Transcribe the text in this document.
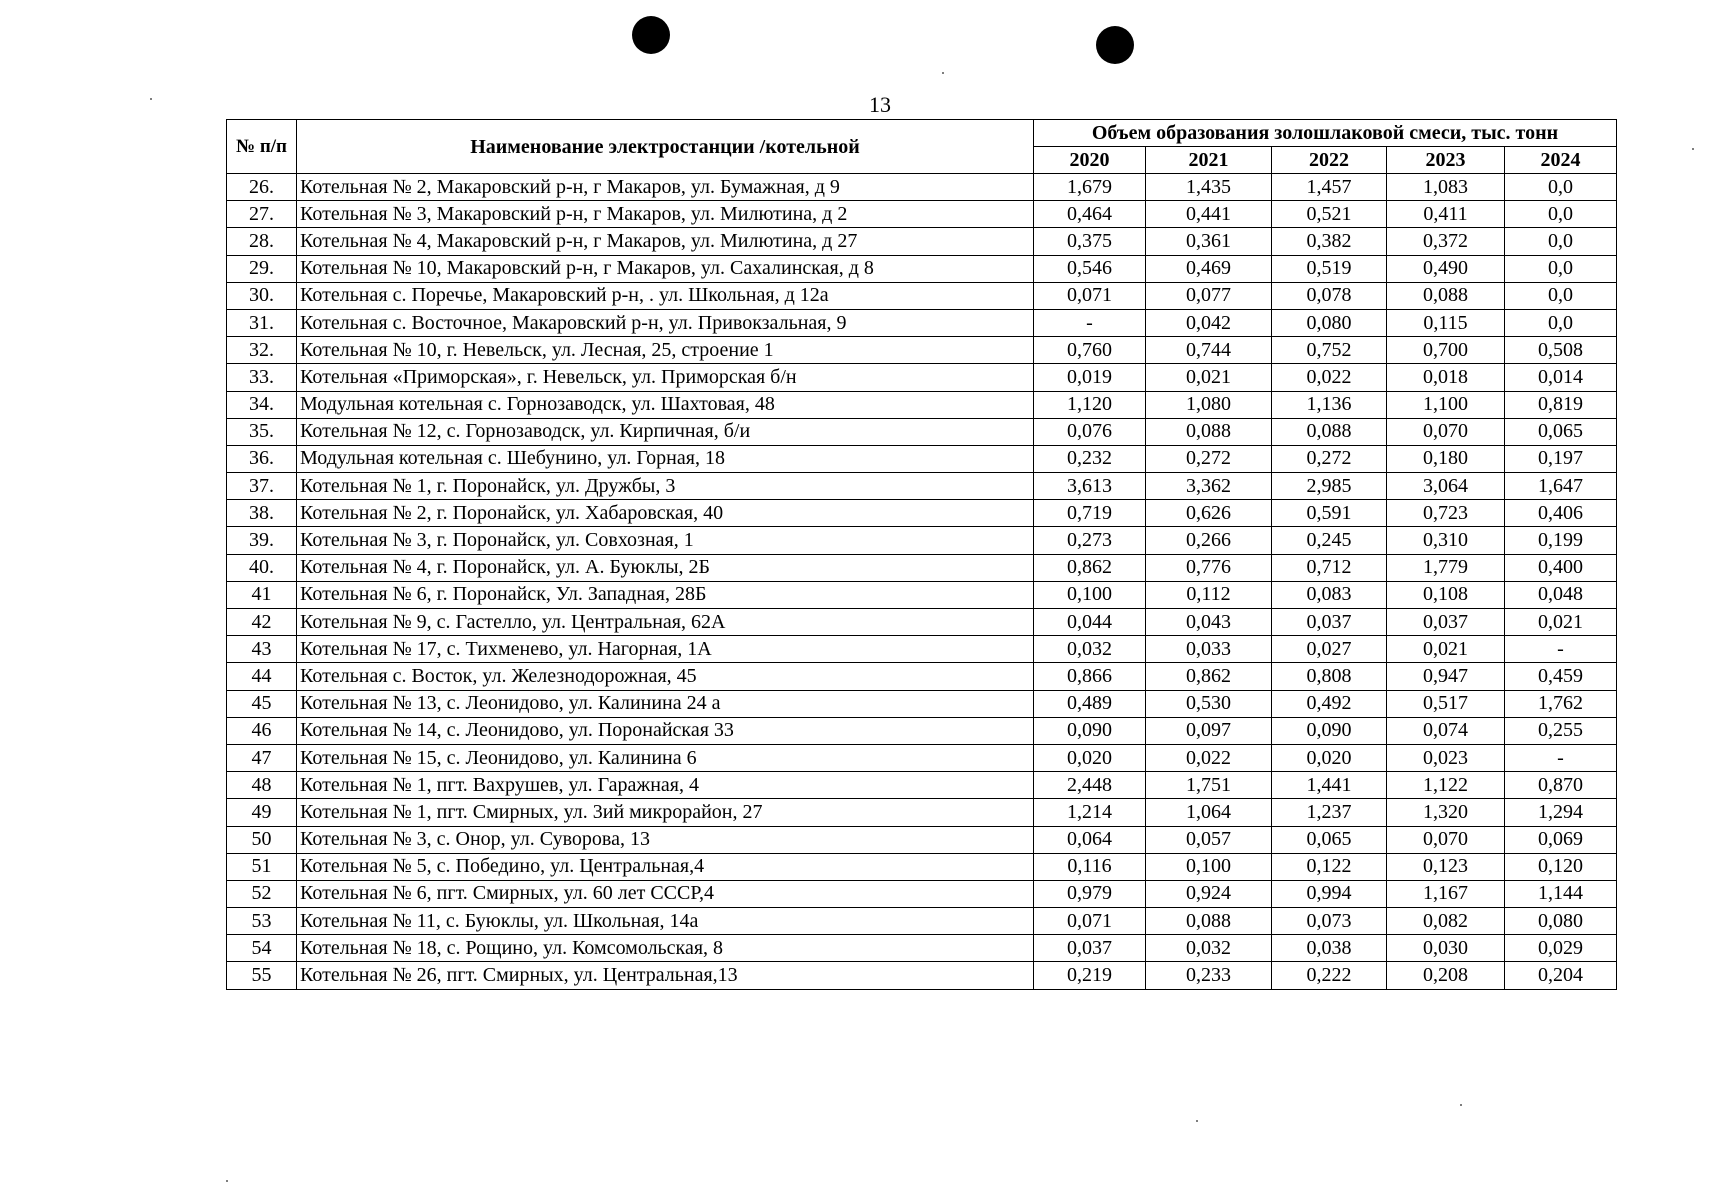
13
№ п/п	Наименование электростанции /котельной	Объем образования золошлаковой смеси, тыс. тонн				
		2020	2021	2022	2023	2024
26.	Котельная № 2, Макаровский р-н, г Макаров, ул. Бумажная, д 9	1,679	1,435	1,457	1,083	0,0
27.	Котельная № 3, Макаровский р-н, г Макаров, ул. Милютина, д 2	0,464	0,441	0,521	0,411	0,0
28.	Котельная № 4, Макаровский р-н, г Макаров, ул. Милютина, д 27	0,375	0,361	0,382	0,372	0,0
29.	Котельная № 10, Макаровский р-н, г Макаров, ул. Сахалинская, д 8	0,546	0,469	0,519	0,490	0,0
30.	Котельная с. Поречье, Макаровский р-н, . ул. Школьная, д 12а	0,071	0,077	0,078	0,088	0,0
31.	Котельная с. Восточное, Макаровский р-н, ул. Привокзальная, 9	-	0,042	0,080	0,115	0,0
32.	Котельная № 10, г. Невельск, ул. Лесная, 25, строение 1	0,760	0,744	0,752	0,700	0,508
33.	Котельная «Приморская», г. Невельск, ул. Приморская б/н	0,019	0,021	0,022	0,018	0,014
34.	Модульная котельная с. Горнозаводск, ул. Шахтовая, 48	1,120	1,080	1,136	1,100	0,819
35.	Котельная № 12, с. Горнозаводск, ул. Кирпичная, б/и	0,076	0,088	0,088	0,070	0,065
36.	Модульная котельная с. Шебунино, ул. Горная, 18	0,232	0,272	0,272	0,180	0,197
37.	Котельная № 1, г. Поронайск, ул. Дружбы, 3	3,613	3,362	2,985	3,064	1,647
38.	Котельная № 2, г. Поронайск, ул. Хабаровская, 40	0,719	0,626	0,591	0,723	0,406
39.	Котельная № 3, г. Поронайск, ул. Совхозная, 1	0,273	0,266	0,245	0,310	0,199
40.	Котельная № 4, г. Поронайск, ул. А. Буюклы, 2Б	0,862	0,776	0,712	1,779	0,400
41	Котельная № 6, г. Поронайск, Ул. Западная, 28Б	0,100	0,112	0,083	0,108	0,048
42	Котельная № 9, с. Гастелло, ул. Центральная, 62А	0,044	0,043	0,037	0,037	0,021
43	Котельная № 17, с. Тихменево, ул. Нагорная, 1А	0,032	0,033	0,027	0,021	-
44	Котельная с. Восток, ул. Железнодорожная, 45	0,866	0,862	0,808	0,947	0,459
45	Котельная № 13, с. Леонидово, ул. Калинина 24 а	0,489	0,530	0,492	0,517	1,762
46	Котельная № 14, с. Леонидово, ул. Поронайская 33	0,090	0,097	0,090	0,074	0,255
47	Котельная № 15, с. Леонидово, ул. Калинина 6	0,020	0,022	0,020	0,023	-
48	Котельная № 1, пгт. Вахрушев, ул. Гаражная, 4	2,448	1,751	1,441	1,122	0,870
49	Котельная № 1, пгт. Смирных, ул. 3ий микрорайон, 27	1,214	1,064	1,237	1,320	1,294
50	Котельная № 3, с. Онор, ул. Суворова, 13	0,064	0,057	0,065	0,070	0,069
51	Котельная № 5, с. Победино, ул. Центральная,4	0,116	0,100	0,122	0,123	0,120
52	Котельная № 6, пгт. Смирных, ул. 60 лет СССР,4	0,979	0,924	0,994	1,167	1,144
53	Котельная № 11, с. Буюклы, ул. Школьная, 14а	0,071	0,088	0,073	0,082	0,080
54	Котельная № 18, с. Рощино, ул. Комсомольская, 8	0,037	0,032	0,038	0,030	0,029
55	Котельная № 26, пгт. Смирных, ул. Центральная,13	0,219	0,233	0,222	0,208	0,204
